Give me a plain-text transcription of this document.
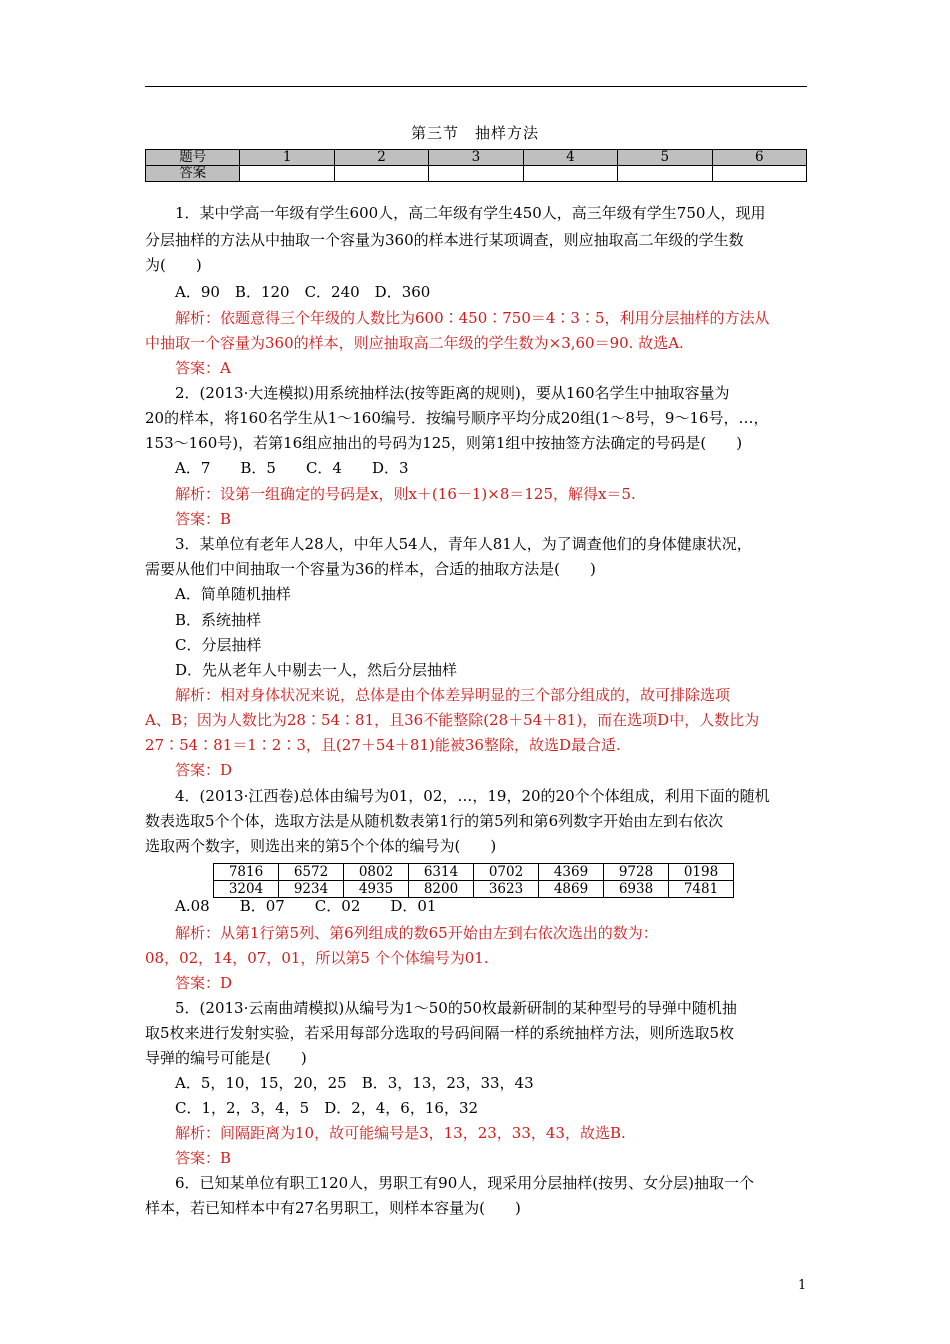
第三节　抽样方法
题号	1	2	3	4	5	6
答案						
1．某中学高一年级有学生600人，高二年级有学生450人，高三年级有学生750人，现用
分层抽样的方法从中抽取一个容量为360的样本进行某项调查，则应抽取高二年级的学生数
为(　　)
A．90　B．120　C．240　D．360
解析：依题意得三个年级的人数比为600∶450∶750＝4∶3∶5，利用分层抽样的方法从
中抽取一个容量为360的样本，则应抽取高二年级的学生数为×3,60＝90. 故选A.
答案：A
2．(2013·大连模拟)用系统抽样法(按等距离的规则)，要从160名学生中抽取容量为
20的样本，将160名学生从1～160编号．按编号顺序平均分成20组(1～8号，9～16号，…，
153～160号)，若第16组应抽出的号码为125，则第1组中按抽签方法确定的号码是(　　)
A．7　　B．5　　C．4　　D．3
解析：设第一组确定的号码是x，则x＋(16－1)×8＝125，解得x＝5.
答案：B
3．某单位有老年人28人，中年人54人，青年人81人，为了调查他们的身体健康状况，
需要从他们中间抽取一个容量为36的样本，合适的抽取方法是(　　)
A．简单随机抽样
B．系统抽样
C．分层抽样
D．先从老年人中剔去一人，然后分层抽样
解析：相对身体状况来说，总体是由个体差异明显的三个部分组成的，故可排除选项
A、B；因为人数比为28∶54∶81，且36不能整除(28＋54＋81)，而在选项D中，人数比为
27∶54∶81＝1∶2∶3，且(27＋54＋81)能被36整除，故选D最合适.
答案：D
4．(2013·江西卷)总体由编号为01，02，…，19，20的20个个体组成，利用下面的随机
数表选取5个个体，选取方法是从随机数表第1行的第5列和第6列数字开始由左到右依次
选取两个数字，则选出来的第5个个体的编号为(　　)
A.08　　B．07　　C．02　　D．01
解析：从第1行第5列、第6列组成的数65开始由左到右依次选出的数为：
08，02，14，07，01，所以第5 个个体编号为01.
答案：D
5．(2013·云南曲靖模拟)从编号为1～50的50枚最新研制的某种型号的导弹中随机抽
取5枚来进行发射实验，若采用每部分选取的号码间隔一样的系统抽样方法，则所选取5枚
导弹的编号可能是(　　)
A．5，10，15，20，25　B．3，13，23，33，43
C．1，2，3，4，5　D．2，4，6，16，32
解析：间隔距离为10，故可能编号是3，13，23，33，43，故选B.
答案：B
6．已知某单位有职工120人，男职工有90人，现采用分层抽样(按男、女分层)抽取一个
样本，若已知样本中有27名男职工，则样本容量为(　　)
7816	6572	0802	6314	0702	4369	9728	0198
3204	9234	4935	8200	3623	4869	6938	7481
1
